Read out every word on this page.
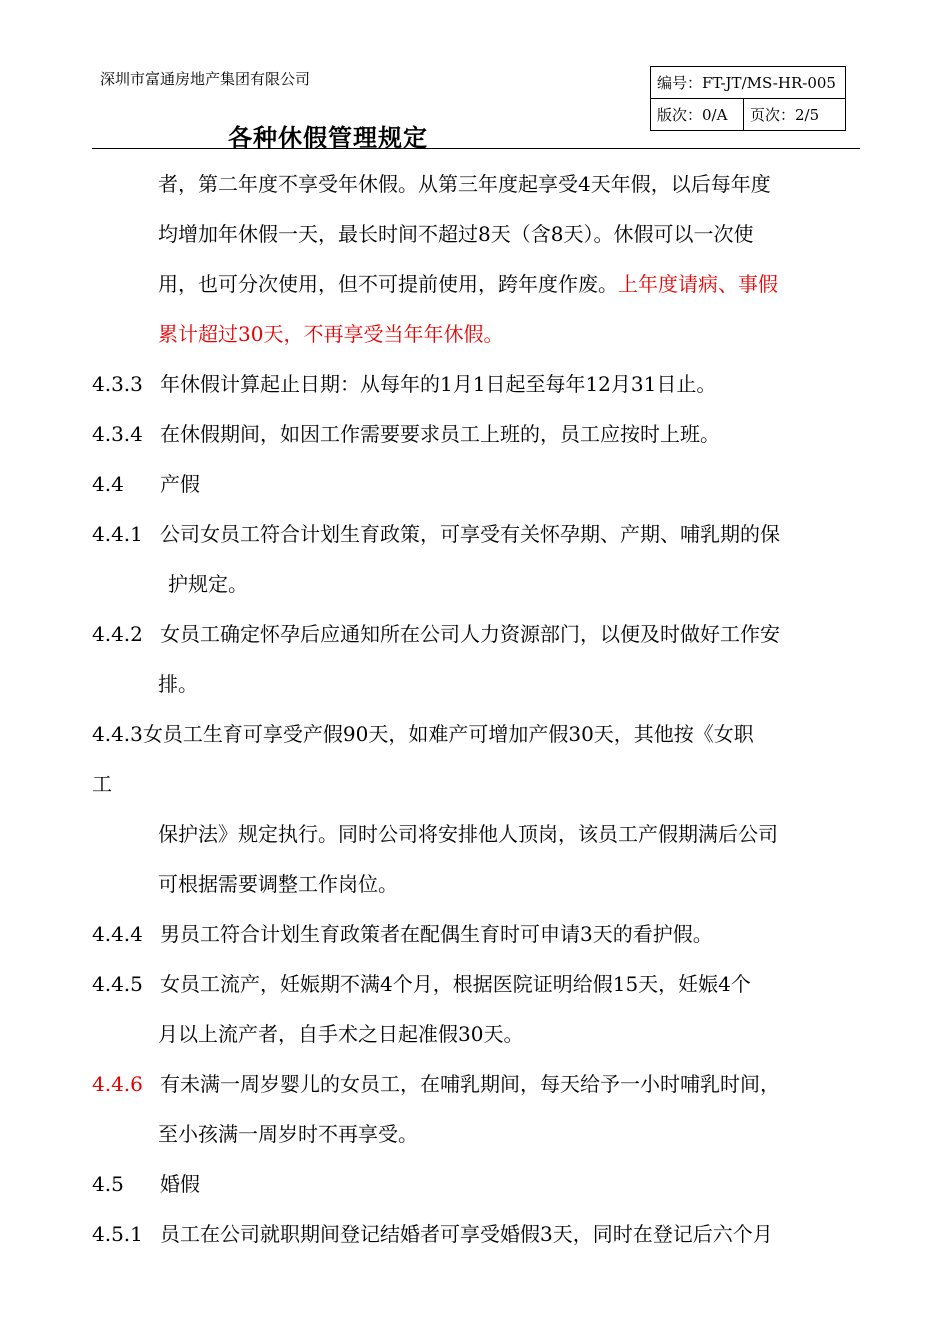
深圳市富通房地产集团有限公司
各种休假管理规定
编号：FT-JT/MS-HR-005
版次：0/A	页次：2/5
者，第二年度不享受年休假。从第三年度起享受4天年假，以后每年度
均增加年休假一天，最长时间不超过8天（含8天）。休假可以一次使
用，也可分次使用，但不可提前使用，跨年度作废。上年度请病、事假
累计超过30天，不再享受当年年休假。
4.3.3 年休假计算起止日期：从每年的1月1日起至每年12月31日止。
4.3.4 在休假期间，如因工作需要要求员工上班的，员工应按时上班。
4.4 产假
4.4.1 公司女员工符合计划生育政策，可享受有关怀孕期、产期、哺乳期的保
护规定。
4.4.2 女员工确定怀孕后应通知所在公司人力资源部门，以便及时做好工作安
排。
4.4.3女员工生育可享受产假90天，如难产可增加产假30天，其他按《女职
工
保护法》规定执行。同时公司将安排他人顶岗，该员工产假期满后公司
可根据需要调整工作岗位。
4.4.4 男员工符合计划生育政策者在配偶生育时可申请3天的看护假。
4.4.5 女员工流产，妊娠期不满4个月，根据医院证明给假15天，妊娠4个
月以上流产者，自手术之日起准假30天。
4.4.6 有未满一周岁婴儿的女员工，在哺乳期间，每天给予一小时哺乳时间，
至小孩满一周岁时不再享受。
4.5 婚假
4.5.1 员工在公司就职期间登记结婚者可享受婚假3天，同时在登记后六个月
